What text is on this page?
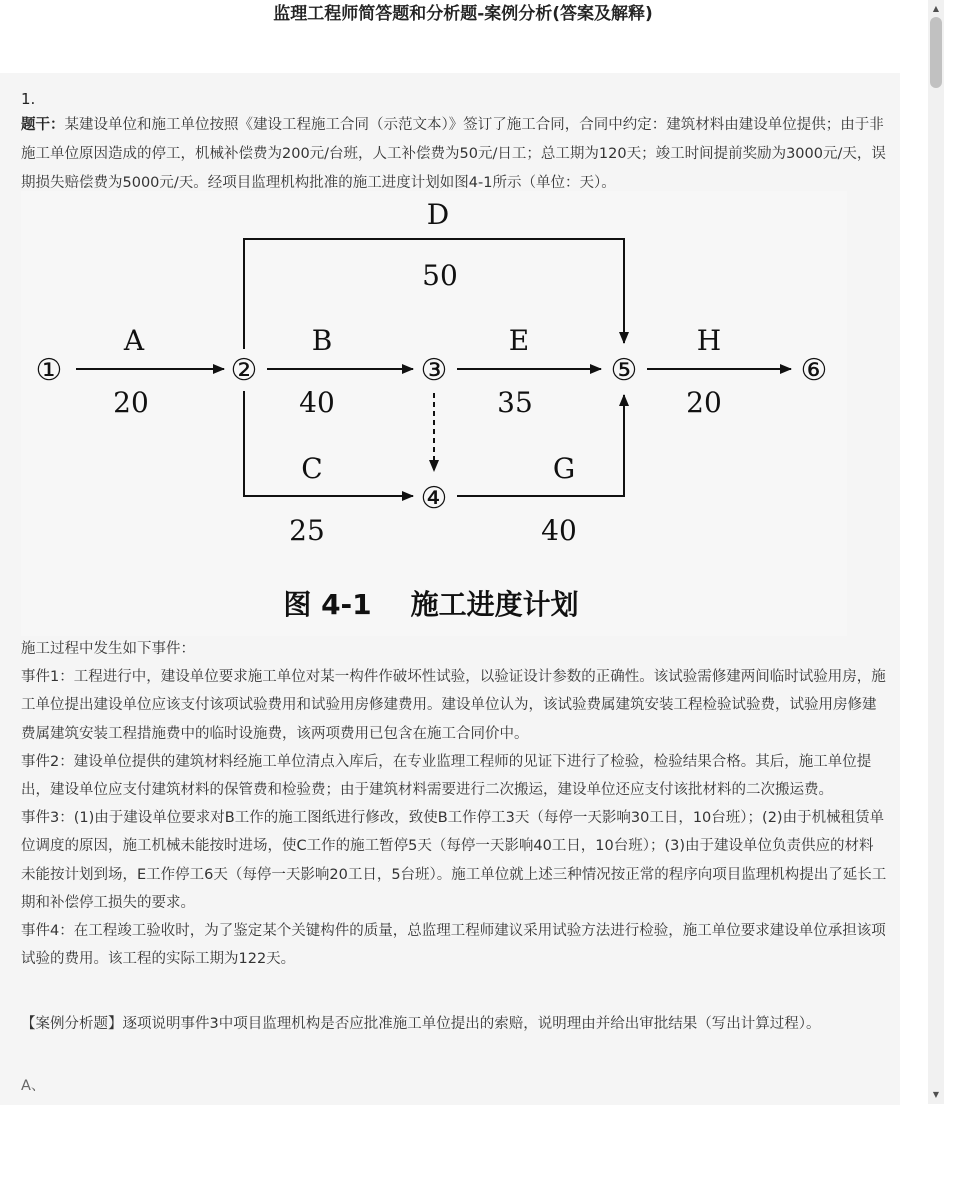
监理工程师简答题和分析题-案例分析(答案及解释)
1.

题干：某建设单位和施工单位按照《建设工程施工合同（示范文本）》签订了施工合同，合同中约定：建筑材料由建设单位提供；由于非施工单位原因造成的停工，机械补偿费为200元/台班，人工补偿费为50元/日工；总工期为120天；竣工时间提前奖励为3000元/天，误期损失赔偿费为5000元/天。经项目监理机构批准的施工进度计划如图4-1所示（单位：天）。

①	②	③
④
⑤	⑥
A
20
B
40
C
25
D
50
E
35
G
40
H
20
图 4-1    施工进度计划

施工过程中发生如下事件：

事件1：工程进行中，建设单位要求施工单位对某一构件作破坏性试验，以验证设计参数的正确性。该试验需修建两间临时试验用房，施工单位提出建设单位应该支付该项试验费用和试验用房修建费用。建设单位认为，该试验费属建筑安装工程检验试验费，试验用房修建费属建筑安装工程措施费中的临时设施费，该两项费用已包含在施工合同价中。

事件2：建设单位提供的建筑材料经施工单位清点入库后，在专业监理工程师的见证下进行了检验，检验结果合格。其后，施工单位提出，建设单位应支付建筑材料的保管费和检验费；由于建筑材料需要进行二次搬运，建设单位还应支付该批材料的二次搬运费。

事件3：(1)由于建设单位要求对B工作的施工图纸进行修改，致使B工作停工3天（每停一天影响30工日，10台班）；(2)由于机械租赁单位调度的原因，施工机械未能按时进场，使C工作的施工暂停5天（每停一天影响40工日，10台班）；(3)由于建设单位负责供应的材料未能按计划到场，E工作停工6天（每停一天影响20工日，5台班）。施工单位就上述三种情况按正常的程序向项目监理机构提出了延长工期和补偿停工损失的要求。

事件4：在工程竣工验收时，为了鉴定某个关键构件的质量，总监理工程师建议采用试验方法进行检验，施工单位要求建设单位承担该项试验的费用。该工程的实际工期为122天。

【案例分析题】逐项说明事件3中项目监理机构是否应批准施工单位提出的索赔，说明理由并给出审批结果（写出计算过程）。

A、
▲
▼
